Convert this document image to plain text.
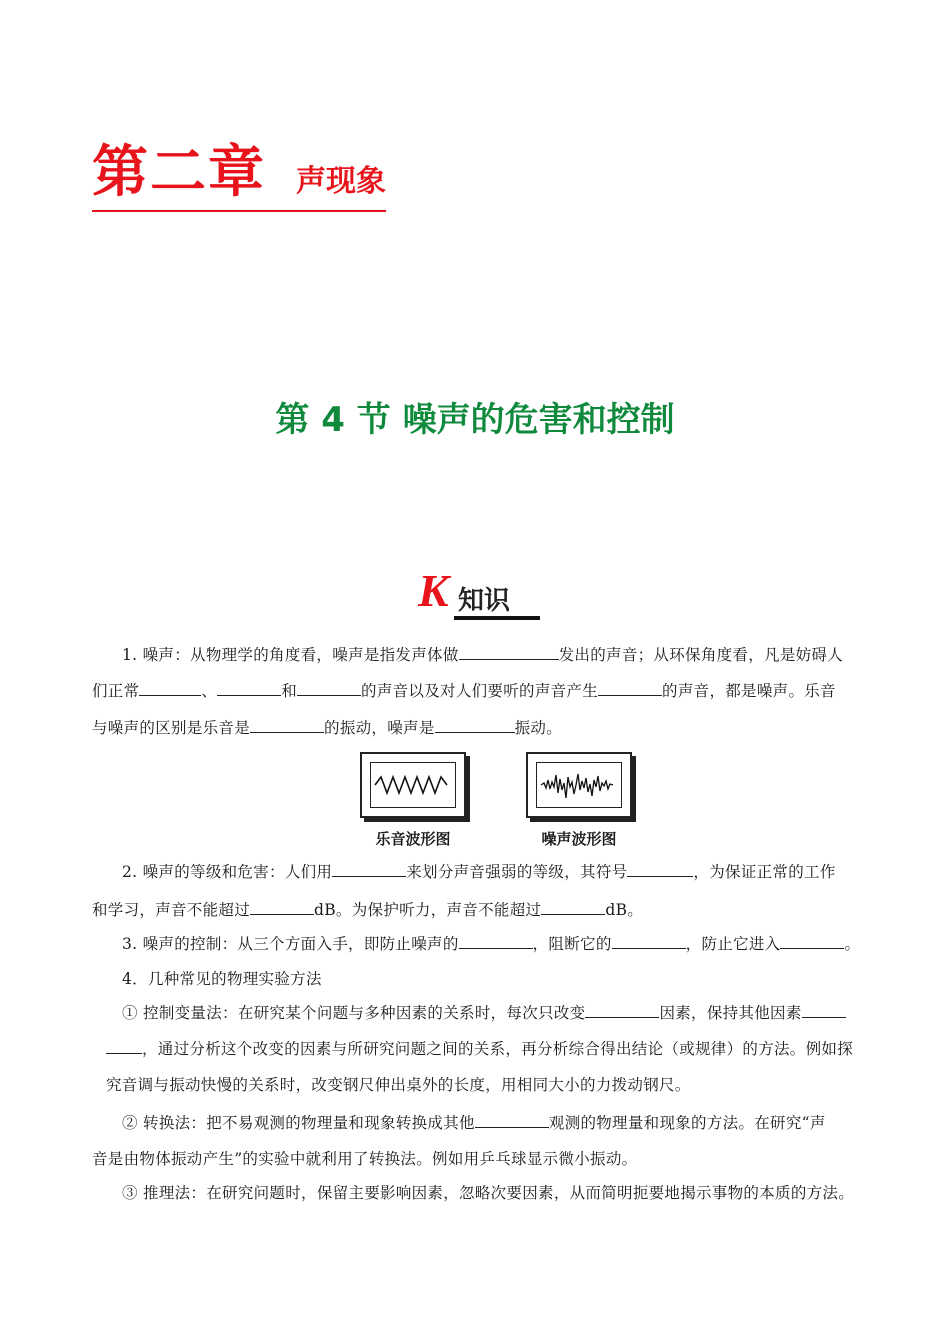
第二章 声现象
第 4 节 噪声的危害和控制
K 知识
1. 噪声：从物理学的角度看，噪声是指发声体做	发出的声音；从环保角度看，凡是妨碍人
们正常	、	和	的声音以及对人们要听的声音产生	的声音，都是噪声。乐音
与噪声的区别是乐音是	的振动，噪声是	振动。
乐音波形图	噪声波形图
2. 噪声的等级和危害：人们用	来划分声音强弱的等级，其符号	，为保证正常的工作
和学习，声音不能超过	dB。为保护听力，声音不能超过	dB。
3. 噪声的控制：从三个方面入手，即防止噪声的	，阻断它的	，防止它进入	。
4．几种常见的物理实验方法
① 控制变量法：在研究某个问题与多种因素的关系时，每次只改变	因素，保持其他因素
，通过分析这个改变的因素与所研究问题之间的关系，再分析综合得出结论（或规律）的方法。例如探
究音调与振动快慢的关系时，改变钢尺伸出桌外的长度，用相同大小的力拨动钢尺。
② 转换法：把不易观测的物理量和现象转换成其他	观测的物理量和现象的方法。在研究“声
音是由物体振动产生”的实验中就利用了转换法。例如用乒乓球显示微小振动。
③ 推理法：在研究问题时，保留主要影响因素，忽略次要因素，从而简明扼要地揭示事物的本质的方法。
